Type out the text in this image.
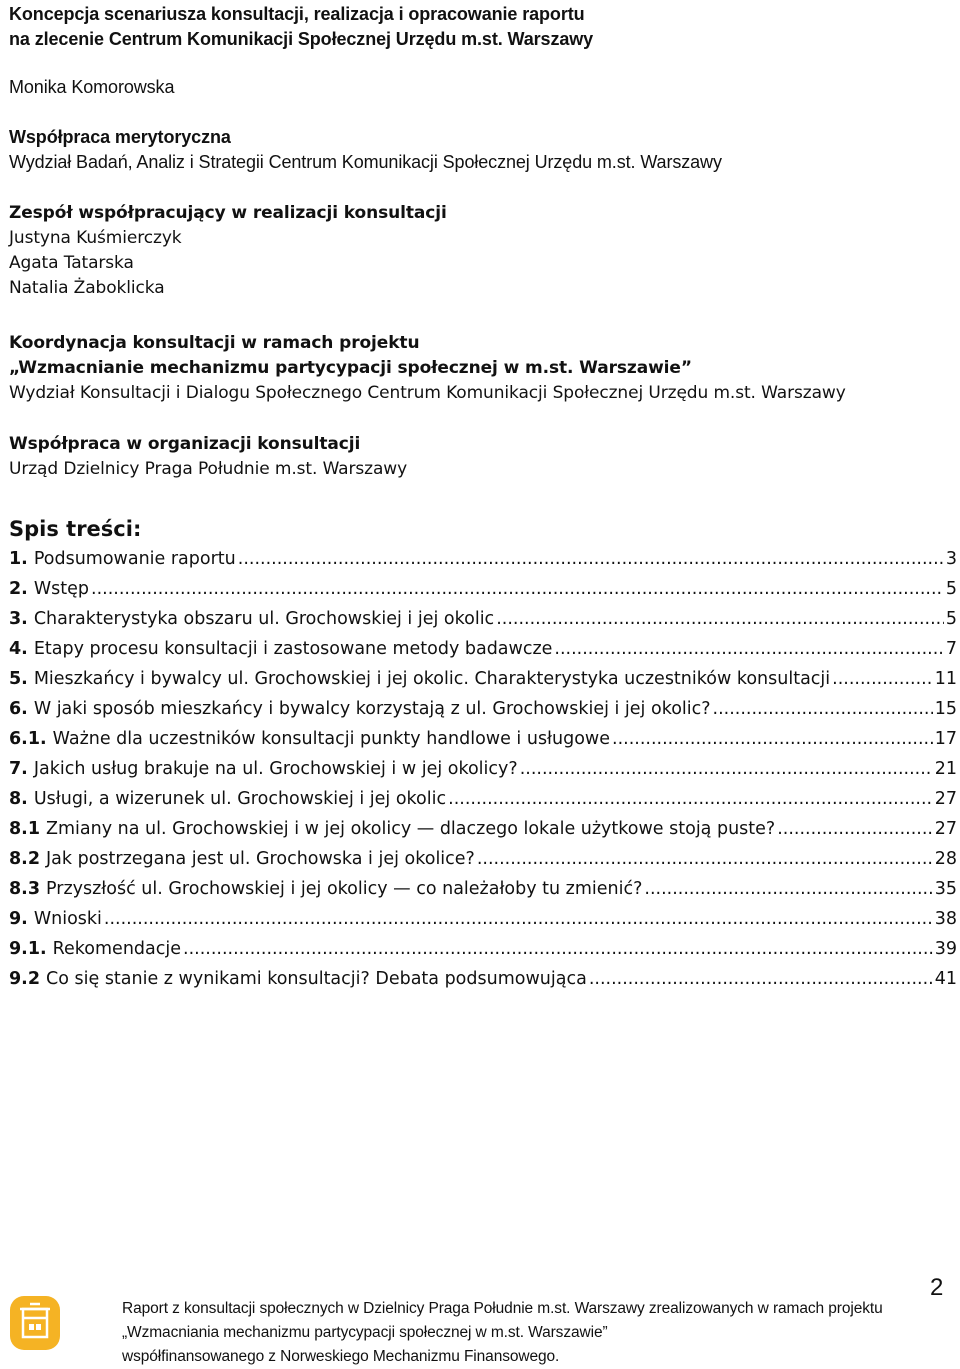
Koncepcja scenariusza konsultacji, realizacja i opracowanie raportu
na zlecenie Centrum Komunikacji Społecznej Urzędu m.st. Warszawy
Monika Komorowska
Współpraca merytoryczna
Wydział Badań, Analiz i Strategii Centrum Komunikacji Społecznej Urzędu m.st. Warszawy
Zespół współpracujący w realizacji konsultacji
Justyna Kuśmierczyk
Agata Tatarska
Natalia Żaboklicka
Koordynacja konsultacji w ramach projektu
„Wzmacnianie mechanizmu partycypacji społecznej w m.st. Warszawie”
Wydział Konsultacji i Dialogu Społecznego Centrum Komunikacji Społecznej Urzędu m.st. Warszawy
Współpraca w organizacji konsultacji
Urząd Dzielnicy Praga Południe m.st. Warszawy
Spis treści:
1. Podsumowanie raportu .....	3
2. Wstęp .....	5
3. Charakterystyka obszaru ul. Grochowskiej i jej okolic .....	5
4. Etapy procesu konsultacji i zastosowane metody badawcze .....	7
5. Mieszkańcy i bywalcy ul. Grochowskiej i jej okolic. Charakterystyka uczestników konsultacji .....	11
6. W jaki sposób mieszkańcy i bywalcy korzystają z ul. Grochowskiej i jej okolic? .....	15
6.1. Ważne dla uczestników konsultacji punkty handlowe i usługowe .....	17
7. Jakich usług brakuje na ul. Grochowskiej i w jej okolicy? .....	21
8. Usługi, a wizerunek ul. Grochowskiej i jej okolic .....	27
8.1 Zmiany na ul. Grochowskiej i w jej okolicy — dlaczego lokale użytkowe stoją puste? .....	27
8.2 Jak postrzegana jest ul. Grochowska i jej okolice? .....	28
8.3 Przyszłość ul. Grochowskiej i jej okolicy — co należałoby tu zmienić? .....	35
9. Wnioski .....	38
9.1. Rekomendacje .....	39
9.2 Co się stanie z wynikami konsultacji? Debata podsumowująca .....	41
Raport z konsultacji społecznych w Dzielnicy Praga Południe m.st. Warszawy zrealizowanych w ramach projektu
„Wzmacniania mechanizmu partycypacji społecznej w m.st. Warszawie”
współfinansowanego z Norweskiego Mechanizmu Finansowego.
2
